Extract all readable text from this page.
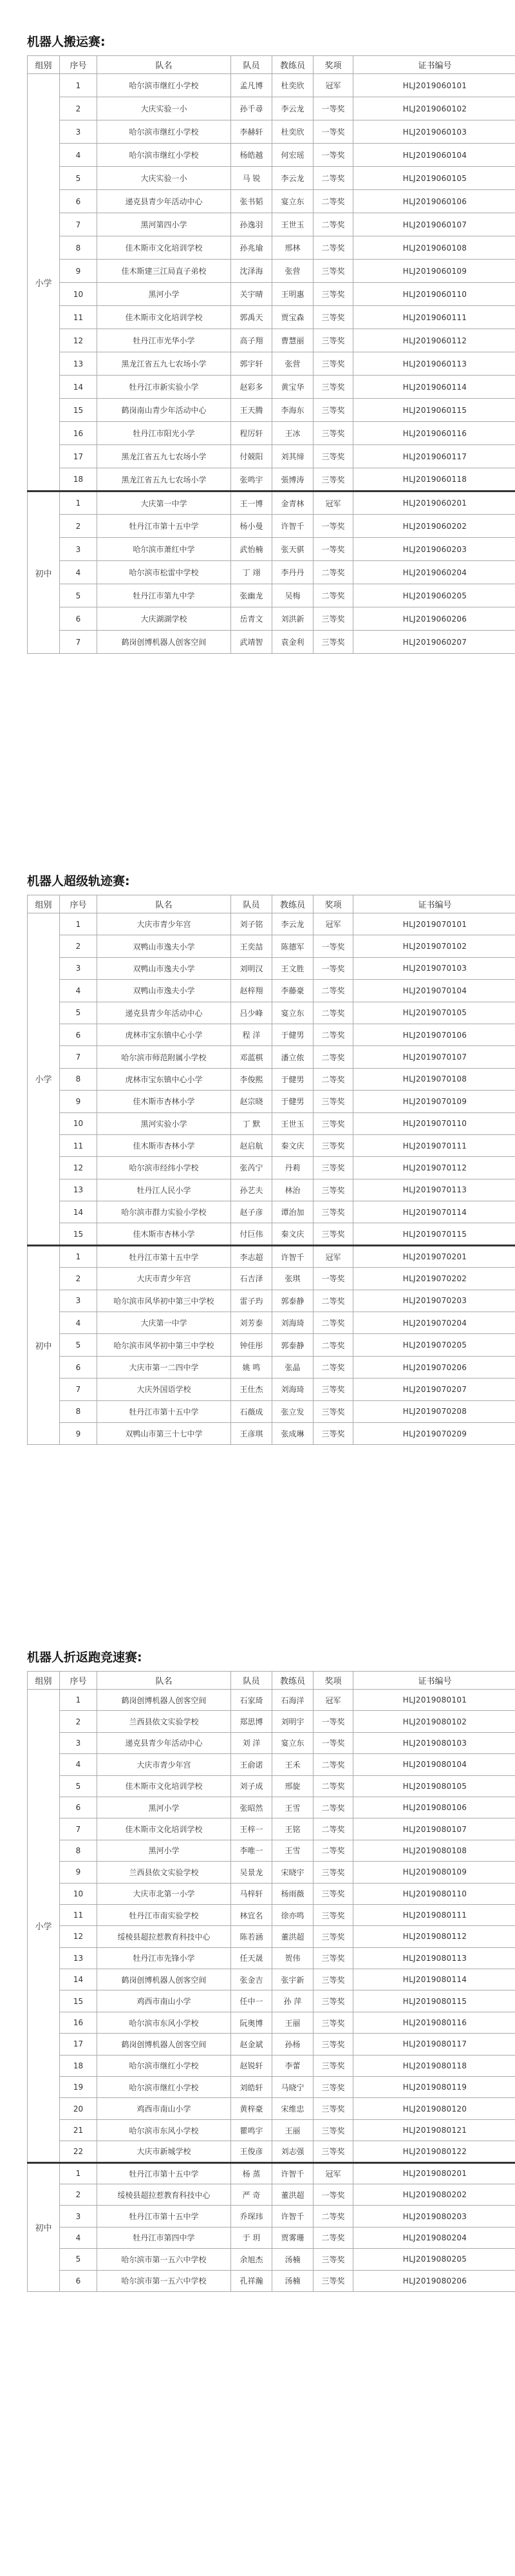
机器人搬运赛:
组别	序号	队名	队员	教练员	奖项	证书编号
小学	1	哈尔滨市继红小学校	孟凡博	杜奕欣	冠军	HLJ2019060101
	2	大庆实验一小	孙千尋	李云龙	一等奖	HLJ2019060102
	3	哈尔滨市继红小学校	李赫轩	杜奕欣	一等奖	HLJ2019060103
	4	哈尔滨市继红小学校	杨皓越	何宏瑶	一等奖	HLJ2019060104
	5	大庆实验一小	马 锐	李云龙	二等奖	HLJ2019060105
	6	递克县青少年活动中心	张书韬	宴立东	二等奖	HLJ2019060106
	7	黑河第四小学	孙逸羽	王世玉	二等奖	HLJ2019060107
	8	佳木斯市文化培训学校	孙兆瑜	邢林	二等奖	HLJ2019060108
	9	佳木斯建三江局直子弟校	沈泽海	张营	三等奖	HLJ2019060109
	10	黑河小学	关宇晴	王明惠	三等奖	HLJ2019060110
	11	佳木斯市文化培训学校	郭禹天	贾宝森	三等奖	HLJ2019060111
	12	牡丹江市光华小学	高子翔	曹慧丽	三等奖	HLJ2019060112
	13	黑龙江省五九七农场小学	郭宇轩	张营	三等奖	HLJ2019060113
	14	牡丹江市新实验小学	赵彩多	黄宝华	三等奖	HLJ2019060114
	15	鹤岗南山青少年活动中心	王天腾	李海东	三等奖	HLJ2019060115
	16	牡丹江市阳光小学	程厉轩	王冰	三等奖	HLJ2019060116
	17	黑龙江省五九七农场小学	付兢阳	刘其缔	三等奖	HLJ2019060117
	18	黑龙江省五九七农场小学	张鸣宇	張博涛	三等奖	HLJ2019060118
初中	1	大庆第一中学	王一博	金青林	冠军	HLJ2019060201
	2	牡丹江市第十五中学	杨小曼	许智千	一等奖	HLJ2019060202
	3	哈尔滨市萧红中学	武怡楠	张天骐	一等奖	HLJ2019060203
	4	哈尔滨市松雷中学校	丁 翊	李丹丹	二等奖	HLJ2019060204
	5	牡丹江市第九中学	张幽龙	吴梅	二等奖	HLJ2019060205
	6	大庆湖湖学校	岳青文	刘洪新	三等奖	HLJ2019060206
	7	鹤岗创博机器人创客空间	武靖智	袁金利	三等奖	HLJ2019060207
机器人超级轨迹赛:
组别	序号	队名	队员	教练员	奖项	证书编号
小学	1	大庆市青少年宫	刘子铭	李云龙	冠军	HLJ2019070101
	2	双鸭山市逸夫小学	王奕喆	陈德军	一等奖	HLJ2019070102
	3	双鸭山市逸夫小学	刘明汉	王文胜	一等奖	HLJ2019070103
	4	双鸭山市逸夫小学	赵梓翔	李藤豪	二等奖	HLJ2019070104
	5	递克县青少年活动中心	吕少峰	宴立东	二等奖	HLJ2019070105
	6	虎林市宝东镇中心小学	程 洋	于健男	二等奖	HLJ2019070106
	7	哈尔滨市师范附属小学校	邓蓝棋	潘立侬	二等奖	HLJ2019070107
	8	虎林市宝东镇中心小学	李俊熙	于健男	二等奖	HLJ2019070108
	9	佳木斯市杏林小学	赵宗晓	于健男	三等奖	HLJ2019070109
	10	黑河实验小学	丁 默	王世玉	三等奖	HLJ2019070110
	11	佳木斯市杏林小学	赵启航	秦文庆	三等奖	HLJ2019070111
	12	哈尔滨市经纬小学校	张芮宁	丹莉	三等奖	HLJ2019070112
	13	牡丹江人民小学	孙艺夫	林治	三等奖	HLJ2019070113
	14	哈尔滨市群力实验小学校	赵子彦	谭治加	三等奖	HLJ2019070114
	15	佳木斯市杏林小学	付巨伟	秦文庆	三等奖	HLJ2019070115
初中	1	牡丹江市第十五中学	李志超	许智千	冠军	HLJ2019070201
	2	大庆市青少年宫	石吉泽	张琪	一等奖	HLJ2019070202
	3	哈尔滨市风华初中第三中学校	雷子玙	郭泰静	二等奖	HLJ2019070203
	4	大庆第一中学	刘芳泰	刘海琦	二等奖	HLJ2019070204
	5	哈尔滨市风华初中第三中学校	钟佳彤	郭泰静	二等奖	HLJ2019070205
	6	大庆市第一二四中学	姚 鸣	张晶	二等奖	HLJ2019070206
	7	大庆外国语学校	王仕杰	刘海琦	三等奖	HLJ2019070207
	8	牡丹江市第十五中学	石薇成	张立发	三等奖	HLJ2019070208
	9	双鸭山市第三十七中学	王彦琪	张成琳	三等奖	HLJ2019070209
机器人折返跑竞速赛:
组别	序号	队名	队员	教练员	奖项	证书编号
小学	1	鹤岗创博机器人创客空间	石家琦	石海洋	冠军	HLJ2019080101
	2	兰西县依文实验学校	郑思博	刘明宇	一等奖	HLJ2019080102
	3	递克县青少年活动中心	刘 洋	宴立东	一等奖	HLJ2019080103
	4	大庆市青少年宫	王俞诺	王禾	二等奖	HLJ2019080104
	5	佳木斯市文化培训学校	刘子成	邢旋	二等奖	HLJ2019080105
	6	黑河小学	张昭然	王雪	二等奖	HLJ2019080106
	7	佳木斯市文化培训学校	王梓一	王铭	二等奖	HLJ2019080107
	8	黑河小学	李唯一	王雪	二等奖	HLJ2019080108
	9	兰西县依文实验学校	吴景龙	宋晓宇	三等奖	HLJ2019080109
	10	大庆市北第一小学	马梓轩	杨雨薇	三等奖	HLJ2019080110
	11	牡丹江市南实验学校	林宜名	徐亦鸣	三等奖	HLJ2019080111
	12	绥棱县超拉惹教育科技中心	陈若涵	董洪超	三等奖	HLJ2019080112
	13	牡丹江市先锋小学	任天晟	贺伟	三等奖	HLJ2019080113
	14	鹤岗创博机器人创客空间	张金吉	张宇新	三等奖	HLJ2019080114
	15	鸡西市南山小学	任中一	孙 萍	三等奖	HLJ2019080115
	16	哈尔滨市东风小学校	阮奥博	王丽	三等奖	HLJ2019080116
	17	鹤岗创博机器人创客空间	赵金斌	孙杨	三等奖	HLJ2019080117
	18	哈尔滨市继红小学校	赵锐轩	李蕾	三等奖	HLJ2019080118
	19	哈尔滨市继红小学校	刘皓轩	马晓宁	三等奖	HLJ2019080119
	20	鸡西市南山小学	黄梓豪	宋维忠	三等奖	HLJ2019080120
	21	哈尔滨市东风小学校	瞿鸣宇	王丽	三等奖	HLJ2019080121
	22	大庆市新城学校	王俊彦	刘志强	三等奖	HLJ2019080122
初中	1	牡丹江市第十五中学	杨 蒸	许智千	冠军	HLJ2019080201
	2	绥棱县超拉惹教育科技中心	严 奇	董洪超	一等奖	HLJ2019080202
	3	牡丹江市第十五中学	乔琛玮	许智千	二等奖	HLJ2019080203
	4	牡丹江市第四中学	于 玥	贾雾珊	二等奖	HLJ2019080204
	5	哈尔滨市第一五六中学校	余旭杰	汤楠	三等奖	HLJ2019080205
	6	哈尔滨市第一五六中学校	孔祥瀚	汤楠	三等奖	HLJ2019080206
